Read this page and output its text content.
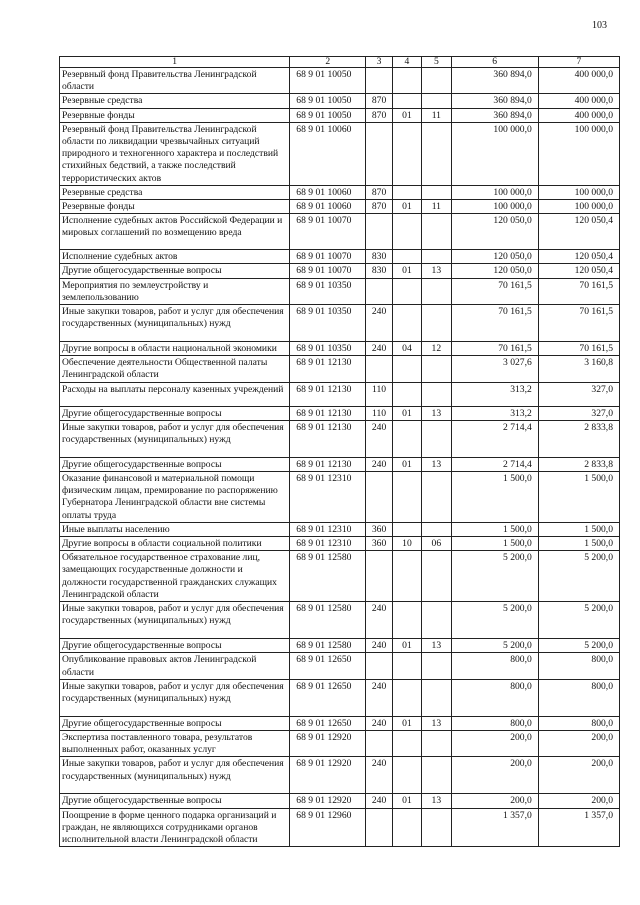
103
1	2	3	4	5	6	7
Резервный фонд Правительства Ленинградской области	68 9 01 10050				360 894,0	400 000,0
Резервные средства	68 9 01 10050	870			360 894,0	400 000,0
Резервные фонды	68 9 01 10050	870	01	11	360 894,0	400 000,0
Резервный фонд Правительства Ленинградской области по ликвидации чрезвычайных ситуаций природного и техногенного характера и последствий стихийных бедствий, а также последствий террористических актов	68 9 01 10060				100 000,0	100 000,0
Резервные средства	68 9 01 10060	870			100 000,0	100 000,0
Резервные фонды	68 9 01 10060	870	01	11	100 000,0	100 000,0
Исполнение судебных актов Российской Федерации и мировых соглашений по возмещению вреда	68 9 01 10070				120 050,0	120 050,4
Исполнение судебных актов	68 9 01 10070	830			120 050,0	120 050,4
Другие общегосударственные вопросы	68 9 01 10070	830	01	13	120 050,0	120 050,4
Мероприятия по землеустройству и землепользованию	68 9 01 10350				70 161,5	70 161,5
Иные закупки товаров, работ и услуг для обеспечения государственных (муниципальных) нужд	68 9 01 10350	240			70 161,5	70 161,5
Другие вопросы в области национальной экономики	68 9 01 10350	240	04	12	70 161,5	70 161,5
Обеспечение деятельности Общественной палаты Ленинградской области	68 9 01 12130				3 027,6	3 160,8
Расходы на выплаты персоналу казенных учреждений	68 9 01 12130	110			313,2	327,0
Другие общегосударственные вопросы	68 9 01 12130	110	01	13	313,2	327,0
Иные закупки товаров, работ и услуг для обеспечения государственных (муниципальных) нужд	68 9 01 12130	240			2 714,4	2 833,8
Другие общегосударственные вопросы	68 9 01 12130	240	01	13	2 714,4	2 833,8
Оказание финансовой и материальной помощи физическим лицам, премирование по распоряжению Губернатора Ленинградской области вне системы оплаты труда	68 9 01 12310				1 500,0	1 500,0
Иные выплаты населению	68 9 01 12310	360			1 500,0	1 500,0
Другие вопросы в области социальной политики	68 9 01 12310	360	10	06	1 500,0	1 500,0
Обязательное государственное страхование лиц, замещающих государственные должности и должности государственной гражданских служащих Ленинградской области	68 9 01 12580				5 200,0	5 200,0
Иные закупки товаров, работ и услуг для обеспечения государственных (муниципальных) нужд	68 9 01 12580	240			5 200,0	5 200,0
Другие общегосударственные вопросы	68 9 01 12580	240	01	13	5 200,0	5 200,0
Опубликование правовых актов Ленинградской области	68 9 01 12650				800,0	800,0
Иные закупки товаров, работ и услуг для обеспечения государственных (муниципальных) нужд	68 9 01 12650	240			800,0	800,0
Другие общегосударственные вопросы	68 9 01 12650	240	01	13	800,0	800,0
Экспертиза поставленного товара, результатов выполненных работ, оказанных услуг	68 9 01 12920				200,0	200,0
Иные закупки товаров, работ и услуг для обеспечения государственных (муниципальных) нужд	68 9 01 12920	240			200,0	200,0
Другие общегосударственные вопросы	68 9 01 12920	240	01	13	200,0	200,0
Поощрение в форме ценного подарка организаций и граждан, не являющихся сотрудниками органов исполнительной власти Ленинградской области	68 9 01 12960				1 357,0	1 357,0
